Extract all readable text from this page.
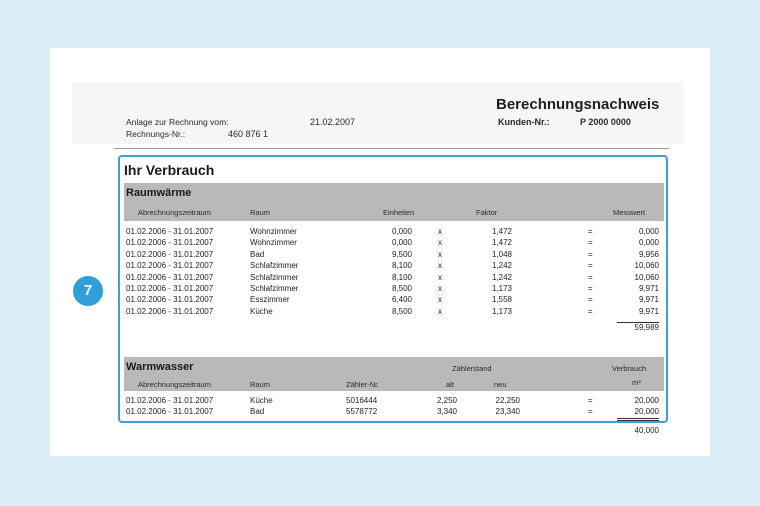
Berechnungsnachweis
Anlage zur Rechnung vom:	21.02.2007
Rechnungs-Nr.:	460 876 1
Kunden-Nr.:	P 2000 0000
7
Ihr Verbrauch
Raumwärme
Abrechnungszeitraum	Raum	Einheiten	Faktor	Messwert
01.02.2006 - 31.01.2007	Wohnzimmer	0,000	x	1,472	=	0,000
01.02.2006 - 31.01.2007	Wohnzimmer	0,000	x	1,472	=	0,000
01.02.2006 - 31.01.2007	Bad	9,500	x	1,048	=	9,956
01.02.2006 - 31.01.2007	Schlafzimmer	8,100	x	1,242	=	10,060
01.02.2006 - 31.01.2007	Schlafzimmer	8,100	x	1,242	=	10,060
01.02.2006 - 31.01.2007	Schlafzimmer	8,500	x	1,173	=	9,971
01.02.2006 - 31.01.2007	Esszimmer	6,400	x	1,558	=	9,971
01.02.2006 - 31.01.2007	Küche	8,500	x	1,173	=	9,971
59,989
Warmwasser	Zählerstand	Verbrauch
Abrechnungszeitraum	Raum	Zähler-Nr.	alt	neu	m³
01.02.2006 - 31.01.2007	Küche	5016444	2,250	22,250	=	20,000
01.02.2006 - 31.01.2007	Bad	5578772	3,340	23,340	=	20,000
40,000
